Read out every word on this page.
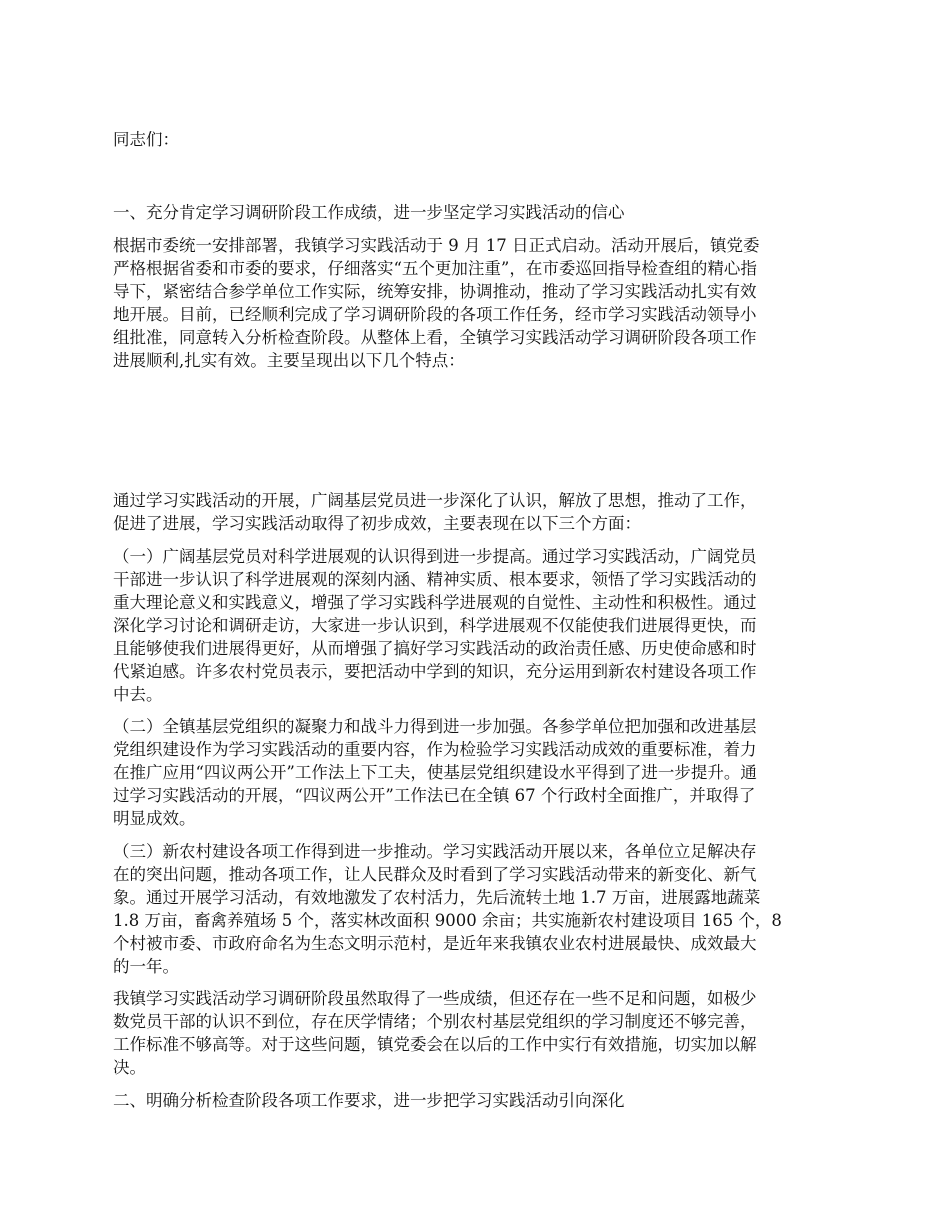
同志们：
一、充分肯定学习调研阶段工作成绩，进一步坚定学习实践活动的信心
根据市委统一安排部署，我镇学习实践活动于 9 月 17 日正式启动。活动开展后，镇党委
严格根据省委和市委的要求，仔细落实“五个更加注重”，在市委巡回指导检查组的精心指
导下，紧密结合参学单位工作实际，统筹安排，协调推动，推动了学习实践活动扎实有效
地开展。目前，已经顺利完成了学习调研阶段的各项工作任务，经市学习实践活动领导小
组批准，同意转入分析检查阶段。从整体上看，全镇学习实践活动学习调研阶段各项工作
进展顺利,扎实有效。主要呈现出以下几个特点：
通过学习实践活动的开展，广阔基层党员进一步深化了认识，解放了思想，推动了工作，
促进了进展，学习实践活动取得了初步成效，主要表现在以下三个方面：
（一）广阔基层党员对科学进展观的认识得到进一步提高。通过学习实践活动，广阔党员
干部进一步认识了科学进展观的深刻内涵、精神实质、根本要求，领悟了学习实践活动的
重大理论意义和实践意义，增强了学习实践科学进展观的自觉性、主动性和积极性。通过
深化学习讨论和调研走访，大家进一步认识到，科学进展观不仅能使我们进展得更快，而
且能够使我们进展得更好，从而增强了搞好学习实践活动的政治责任感、历史使命感和时
代紧迫感。许多农村党员表示，要把活动中学到的知识，充分运用到新农村建设各项工作
中去。
（二）全镇基层党组织的凝聚力和战斗力得到进一步加强。各参学单位把加强和改进基层
党组织建设作为学习实践活动的重要内容，作为检验学习实践活动成效的重要标准，着力
在推广应用“四议两公开”工作法上下工夫，使基层党组织建设水平得到了进一步提升。通
过学习实践活动的开展，“四议两公开”工作法已在全镇 67 个行政村全面推广，并取得了
明显成效。
（三）新农村建设各项工作得到进一步推动。学习实践活动开展以来，各单位立足解决存
在的突出问题，推动各项工作，让人民群众及时看到了学习实践活动带来的新变化、新气
象。通过开展学习活动，有效地激发了农村活力，先后流转土地 1.7 万亩，进展露地蔬菜
1.8 万亩，畜禽养殖场 5 个，落实林改面积 9000 余亩；共实施新农村建设项目 165 个，8
个村被市委、市政府命名为生态文明示范村，是近年来我镇农业农村进展最快、成效最大
的一年。
我镇学习实践活动学习调研阶段虽然取得了一些成绩，但还存在一些不足和问题，如极少
数党员干部的认识不到位，存在厌学情绪；个别农村基层党组织的学习制度还不够完善，
工作标准不够高等。对于这些问题，镇党委会在以后的工作中实行有效措施，切实加以解
决。
二、明确分析检查阶段各项工作要求，进一步把学习实践活动引向深化
